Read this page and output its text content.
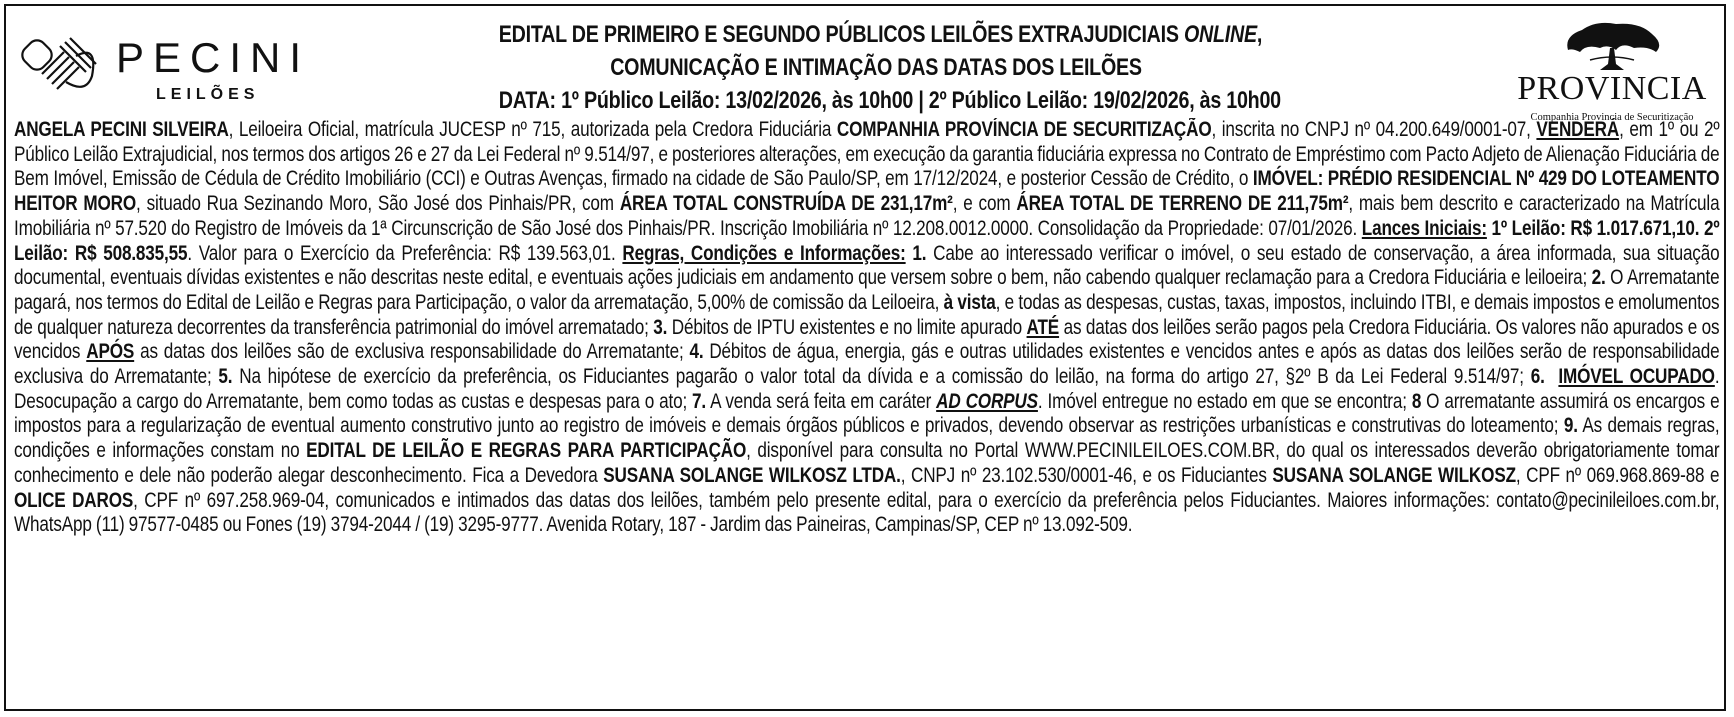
PECINI
LEILÕES
EDITAL DE PRIMEIRO E SEGUNDO PÚBLICOS LEILÕES EXTRAJUDICIAIS ONLINE,
COMUNICAÇÃO E INTIMAÇÃO DAS DATAS DOS LEILÕES
DATA: 1º Público Leilão: 13/02/2026, às 10h00 | 2º Público Leilão: 19/02/2026, às 10h00	PROVINCIA
Companhia Provincia de Securitização
ANGELA PECINI SILVEIRA, Leiloeira Oficial, matrícula JUCESP nº 715, autorizada pela Credora Fiduciária COMPANHIA PROVÍNCIA DE SECURITIZAÇÃO, inscrita no CNPJ nº 04.200.649/0001-07, VENDERÁ, em 1º ou 2º Público Leilão Extrajudicial, nos termos dos artigos 26 e 27 da Lei Federal nº 9.514/97, e posteriores alterações, em execução da garantia fiduciária expressa no Contrato de Empréstimo com Pacto Adjeto de Alienação Fiduciária de Bem Imóvel, Emissão de Cédula de Crédito Imobiliário (CCI) e Outras Avenças, firmado na cidade de São Paulo/SP, em 17/12/2024, e posterior Cessão de Crédito, o IMÓVEL: PRÉDIO RESIDENCIAL Nº 429 DO LOTEAMENTO HEITOR MORO, situado Rua Sezinando Moro, São José dos Pinhais/PR, com ÁREA TOTAL CONSTRUÍDA DE 231,17m², e com ÁREA TOTAL DE TERRENO DE 211,75m², mais bem descrito e caracterizado na Matrícula Imobiliária nº 57.520 do Registro de Imóveis da 1ª Circunscrição de São José dos Pinhais/PR. Inscrição Imobiliária nº 12.208.0012.0000. Consolidação da Propriedade: 07/01/2026. Lances Iniciais: 1º Leilão: R$ 1.017.671,10. 2º Leilão: R$ 508.835,55. Valor para o Exercício da Preferência: R$ 139.563,01. Regras, Condições e Informações: 1. Cabe ao interessado verificar o imóvel, o seu estado de conservação, a área informada, sua situação documental, eventuais dívidas existentes e não descritas neste edital, e eventuais ações judiciais em andamento que versem sobre o bem, não cabendo qualquer reclamação para a Credora Fiduciária e leiloeira; 2. O Arrematante pagará, nos termos do Edital de Leilão e Regras para Participação, o valor da arrematação, 5,00% de comissão da Leiloeira, à vista, e todas as despesas, custas, taxas, impostos, incluindo ITBI, e demais impostos e emolumentos de qualquer natureza decorrentes da transferência patrimonial do imóvel arrematado; 3. Débitos de IPTU existentes e no limite apurado ATÉ as datas dos leilões serão pagos pela Credora Fiduciária. Os valores não apurados e os vencidos APÓS as datas dos leilões são de exclusiva responsabilidade do Arrematante; 4. Débitos de água, energia, gás e outras utilidades existentes e vencidos antes e após as datas dos leilões serão de responsabilidade exclusiva do Arrematante; 5. Na hipótese de exercício da preferência, os Fiduciantes pagarão o valor total da dívida e a comissão do leilão, na forma do artigo 27, §2º B da Lei Federal 9.514/97; 6. IMÓVEL OCUPADO. Desocupação a cargo do Arrematante, bem como todas as custas e despesas para o ato; 7. A venda será feita em caráter AD CORPUS. Imóvel entregue no estado em que se encontra; 8 O arrematante assumirá os encargos e impostos para a regularização de eventual aumento construtivo junto ao registro de imóveis e demais órgãos públicos e privados, devendo observar as restrições urbanísticas e construtivas do loteamento; 9. As demais regras, condições e informações constam no EDITAL DE LEILÃO E REGRAS PARA PARTICIPAÇÃO, disponível para consulta no Portal WWW.PECINILEILOES.COM.BR, do qual os interessados deverão obrigatoriamente tomar conhecimento e dele não poderão alegar desconhecimento. Fica a Devedora SUSANA SOLANGE WILKOSZ LTDA., CNPJ nº 23.102.530/0001-46, e os Fiduciantes SUSANA SOLANGE WILKOSZ, CPF nº 069.968.869-88 e OLICE DAROS, CPF nº 697.258.969-04, comunicados e intimados das datas dos leilões, também pelo presente edital, para o exercício da preferência pelos Fiduciantes. Maiores informações: contato@pecinileiloes.com.br, WhatsApp (11) 97577-0485 ou Fones (19) 3794-2044 / (19) 3295-9777. Avenida Rotary, 187 - Jardim das Paineiras, Campinas/SP, CEP nº 13.092-509.
